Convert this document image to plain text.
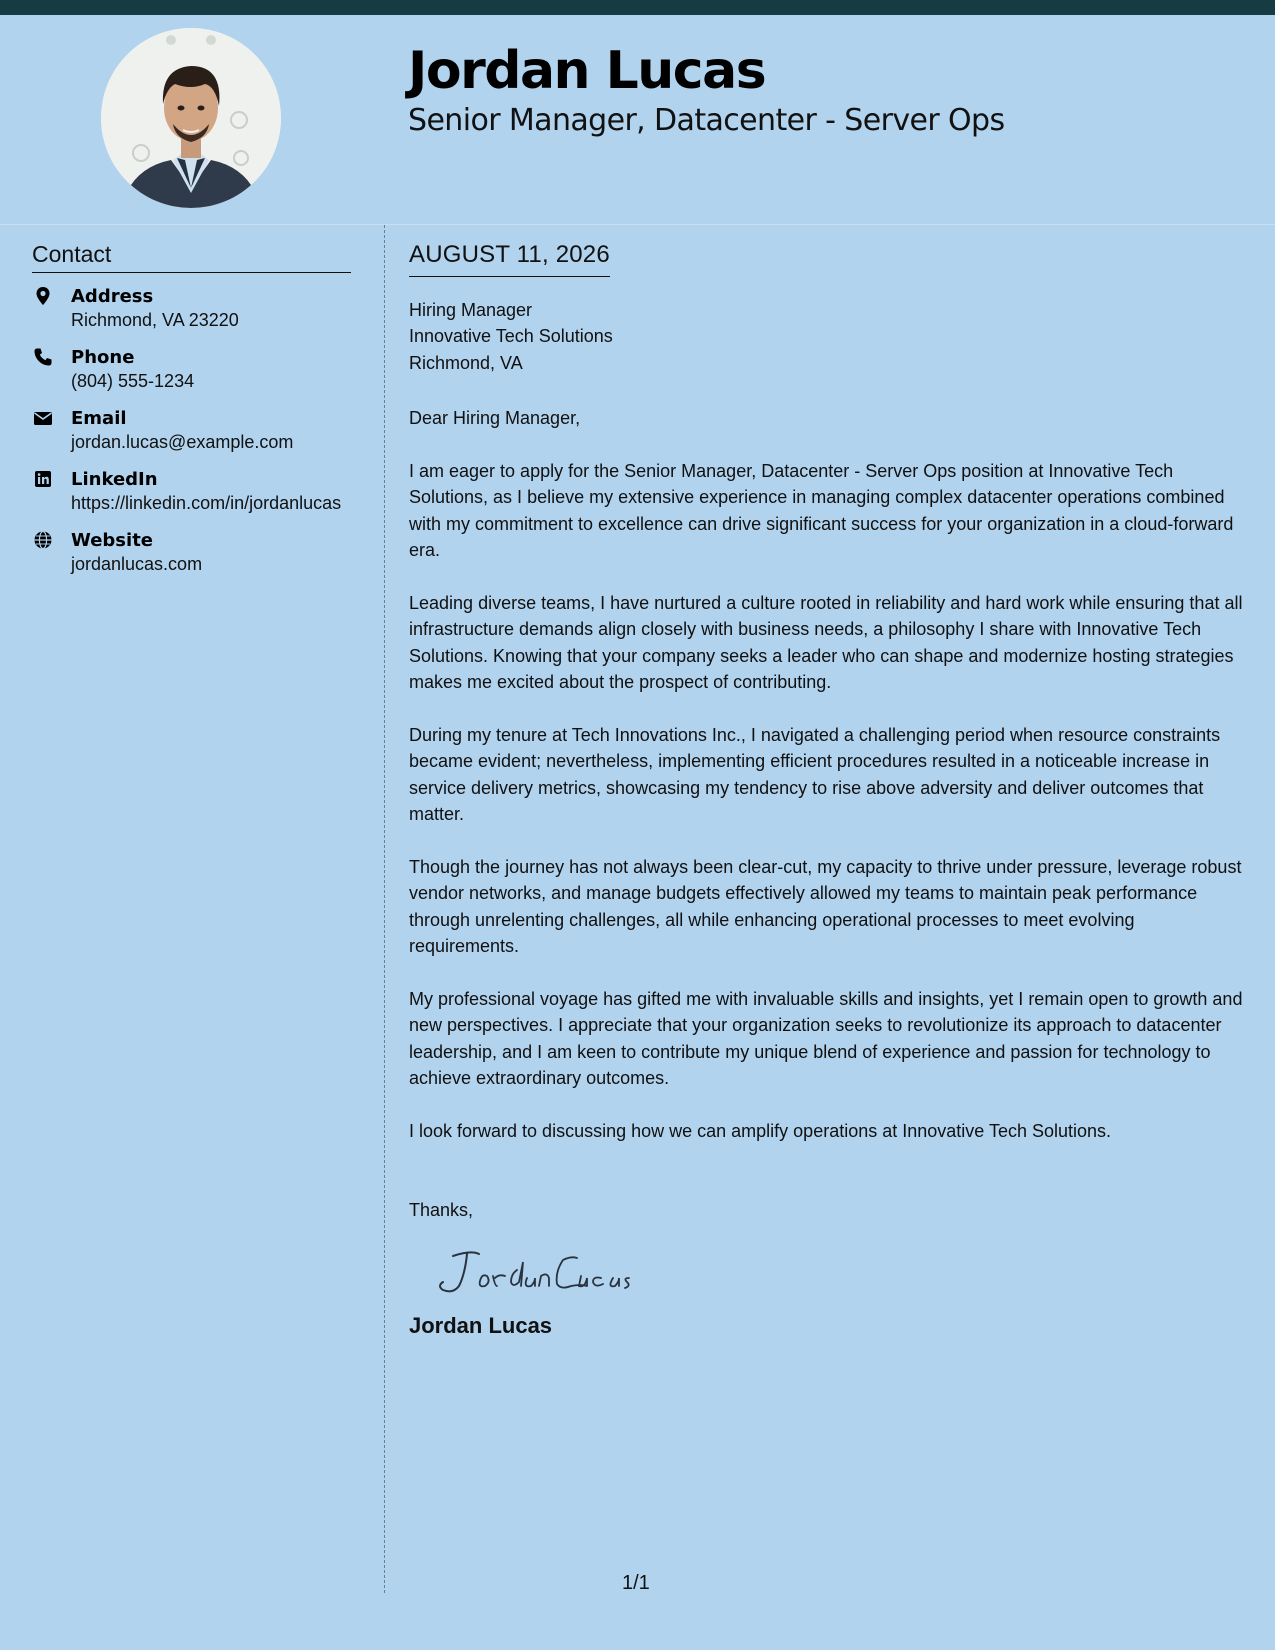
Jordan Lucas
Senior Manager, Datacenter - Server Ops
Contact
Address
Richmond, VA 23220
Phone
(804) 555-1234
Email
jordan.lucas@example.com
LinkedIn
https://linkedin.com/in/jordanlucas
Website
jordanlucas.com
AUGUST 11, 2026
Hiring Manager
Innovative Tech Solutions
Richmond, VA
Dear Hiring Manager,

I am eager to apply for the Senior Manager, Datacenter - Server Ops position at Innovative Tech Solutions, as I believe my extensive experience in managing complex datacenter operations combined with my commitment to excellence can drive significant success for your organization in a cloud-forward era.

Leading diverse teams, I have nurtured a culture rooted in reliability and hard work while ensuring that all infrastructure demands align closely with business needs, a philosophy I share with Innovative Tech Solutions. Knowing that your company seeks a leader who can shape and modernize hosting strategies makes me excited about the prospect of contributing.

During my tenure at Tech Innovations Inc., I navigated a challenging period when resource constraints became evident; nevertheless, implementing efficient procedures resulted in a noticeable increase in service delivery metrics, showcasing my tendency to rise above adversity and deliver outcomes that matter.

Though the journey has not always been clear-cut, my capacity to thrive under pressure, leverage robust vendor networks, and manage budgets effectively allowed my teams to maintain peak performance through unrelenting challenges, all while enhancing operational processes to meet evolving requirements.

My professional voyage has gifted me with invaluable skills and insights, yet I remain open to growth and new perspectives. I appreciate that your organization seeks to revolutionize its approach to datacenter leadership, and I am keen to contribute my unique blend of experience and passion for technology to achieve extraordinary outcomes.

I look forward to discussing how we can amplify operations at Innovative Tech Solutions.

Thanks,
Jordan Lucas
1/1
